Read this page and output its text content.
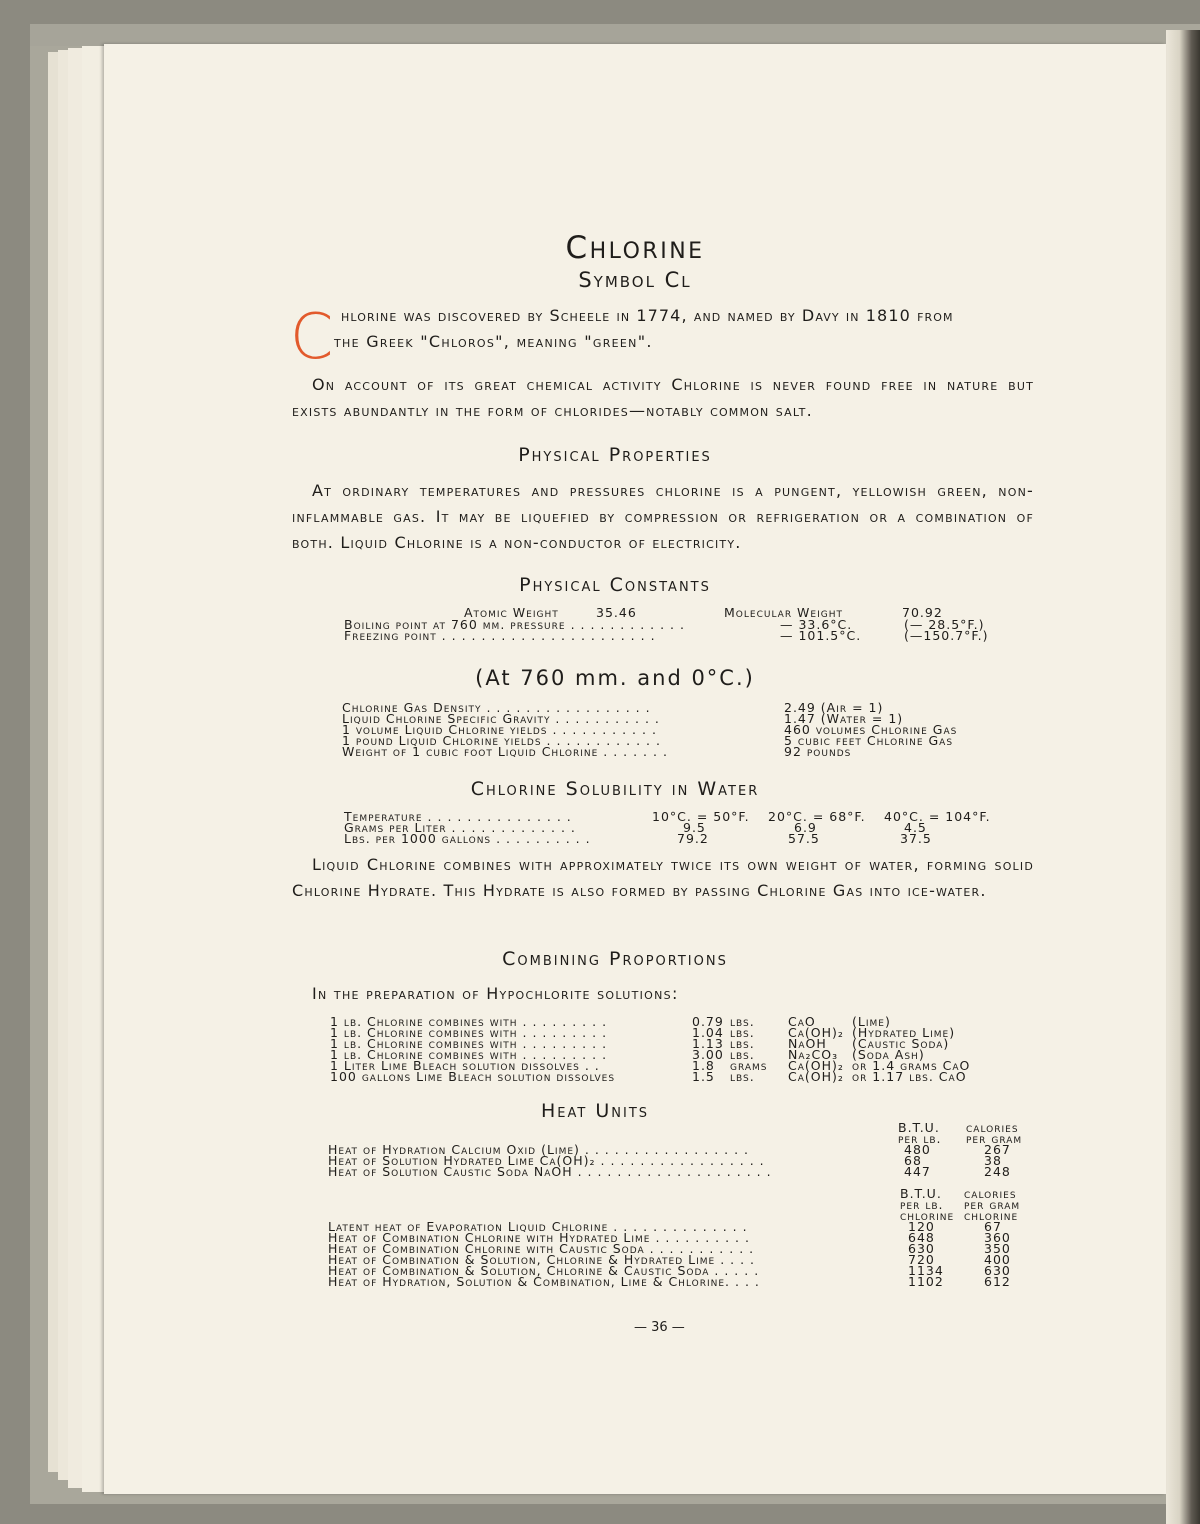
Chlorine
Symbol Cl
C hlorine was discovered by Scheele in 1774, and named by Davy in 1810 from
the Greek "Chloros", meaning "green".
On account of its great chemical activity Chlorine is never found free in nature but exists abundantly in the form of chlorides—notably common salt.
Physical Properties
At ordinary temperatures and pressures chlorine is a pungent, yellowish green, non-inflammable gas. It may be liquefied by compression or refrigeration or a combination of both. Liquid Chlorine is a non-conductor of electricity.
Physical Constants
Atomic Weight	35.46	Molecular Weight	70.92
Boiling point at 760 mm. pressure . . . . . . . . . . . .	— 33.6°C.	(— 28.5°F.)
Freezing point . . . . . . . . . . . . . . . . . . . . . .	— 101.5°C.	(—150.7°F.)
(At 760 mm. and 0°C.)
Chlorine Gas Density . . . . . . . . . . . . . . . . .	2.49 (Air = 1)
Liquid Chlorine Specific Gravity . . . . . . . . . . .	1.47 (Water = 1)
1 volume Liquid Chlorine yields . . . . . . . . . . .	460 volumes Chlorine Gas
1 pound Liquid Chlorine yields . . . . . . . . . . . .	5 cubic feet Chlorine Gas
Weight of 1 cubic foot Liquid Chlorine . . . . . . .	92 pounds
Chlorine Solubility in Water
Temperature . . . . . . . . . . . . . . .	10°C. = 50°F. 20°C. = 68°F. 40°C. = 104°F.
Grams per Liter . . . . . . . . . . . . .	9.5	6.9	4.5
Lbs. per 1000 gallons . . . . . . . . . .	79.2	57.5	37.5
Liquid Chlorine combines with approximately twice its own weight of water, forming solid Chlorine Hydrate. This Hydrate is also formed by passing Chlorine Gas into ice-water.
Combining Proportions
In the preparation of Hypochlorite solutions:
1 lb. Chlorine combines with . . . . . . . . .	0.79 lbs.	CaO	(Lime)
1 lb. Chlorine combines with . . . . . . . . .	1.04 lbs.	Ca(OH)₂ (Hydrated Lime)
1 lb. Chlorine combines with . . . . . . . . .	1.13 lbs.	NaOH (Caustic Soda)
1 lb. Chlorine combines with . . . . . . . . .	3.00 lbs.	Na₂CO₃ (Soda Ash)
1 Liter Lime Bleach solution dissolves . .	1.8 grams Ca(OH)₂ or 1.4 grams CaO
100 gallons Lime Bleach solution dissolves	1.5 lbs.	Ca(OH)₂ or 1.17 lbs. CaO
Heat Units
B.T.U.
per lb.
calories
per gram
Heat of Hydration Calcium Oxid (Lime) . . . . . . . . . . . . . . . . .	480	267
Heat of Solution Hydrated Lime Ca(OH)₂ . . . . . . . . . . . . . . . . .	68	38
Heat of Solution Caustic Soda NaOH . . . . . . . . . . . . . . . . . . . .	447	248
B.T.U.
per lb.
chlorine
calories
per gram
chlorine
Latent heat of Evaporation Liquid Chlorine . . . . . . . . . . . . . .	120	67
Heat of Combination Chlorine with Hydrated Lime . . . . . . . . . .	648	360
Heat of Combination Chlorine with Caustic Soda . . . . . . . . . . .	630	350
Heat of Combination & Solution, Chlorine & Hydrated Lime . . . .	720	400
Heat of Combination & Solution, Chlorine & Caustic Soda . . . . .	1134	630
Heat of Hydration, Solution & Combination, Lime & Chlorine. . . .	1102	612
— 36 —
